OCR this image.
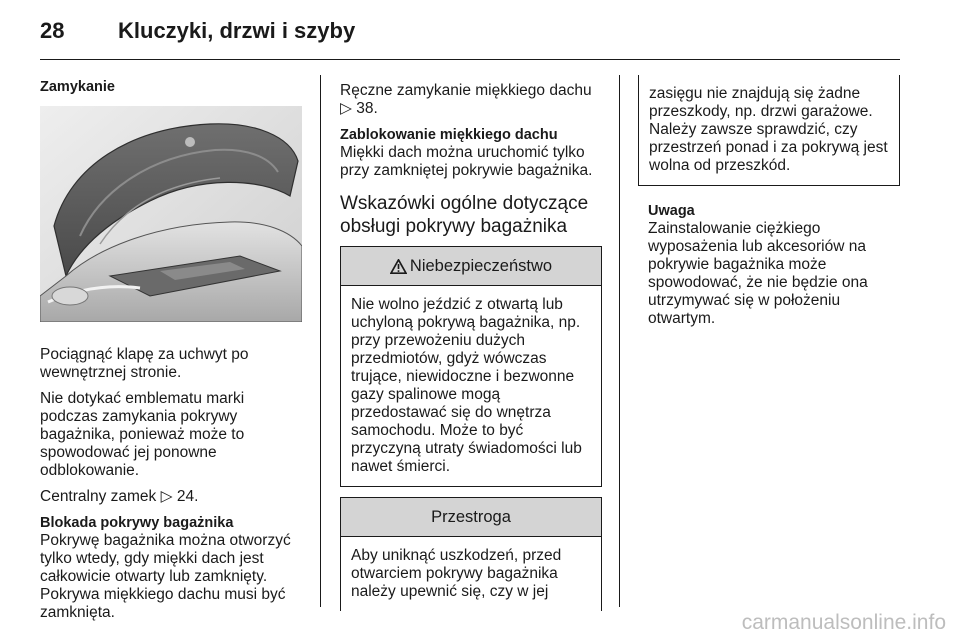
28 Kluczyki, drzwi i szyby

Zamykanie

Pociągnąć klapę za uchwyt po wewnętrznej stronie.

Nie dotykać emblematu marki podczas zamykania pokrywy bagażnika, ponieważ może to spowodować jej ponowne odblokowanie.

Centralny zamek ▷ 24.

Blokada pokrywy bagażnika

Pokrywę bagażnika można otworzyć tylko wtedy, gdy miękki dach jest całkowicie otwarty lub zamknięty. Pokrywa miękkiego dachu musi być zamknięta.

Ręczne zamykanie miękkiego dachu
▷ 38.

Zablokowanie miękkiego dachu

Miękki dach można uruchomić tylko przy zamkniętej pokrywie bagażnika.

Wskazówki ogólne dotyczące obsługi pokrywy bagażnika
Niebezpieczeństwo
Nie wolno jeździć z otwartą lub uchyloną pokrywą bagażnika, np. przy przewożeniu dużych przedmiotów, gdyż wówczas trujące, niewidoczne i bezwonne gazy spalinowe mogą przedostawać się do wnętrza samochodu. Może to być przyczyną utraty świadomości lub nawet śmierci.
Przestroga
Aby uniknąć uszkodzeń, przed otwarciem pokrywy bagażnika należy upewnić się, czy w jej
zasięgu nie znajdują się żadne przeszkody, np. drzwi garażowe. Należy zawsze sprawdzić, czy przestrzeń ponad i za pokrywą jest wolna od przeszkód.

Uwaga

Zainstalowanie ciężkiego wyposażenia lub akcesoriów na pokrywie bagażnika może spowodować, że nie będzie ona utrzymywać się w położeniu otwartym.

carmanualsonline.info
